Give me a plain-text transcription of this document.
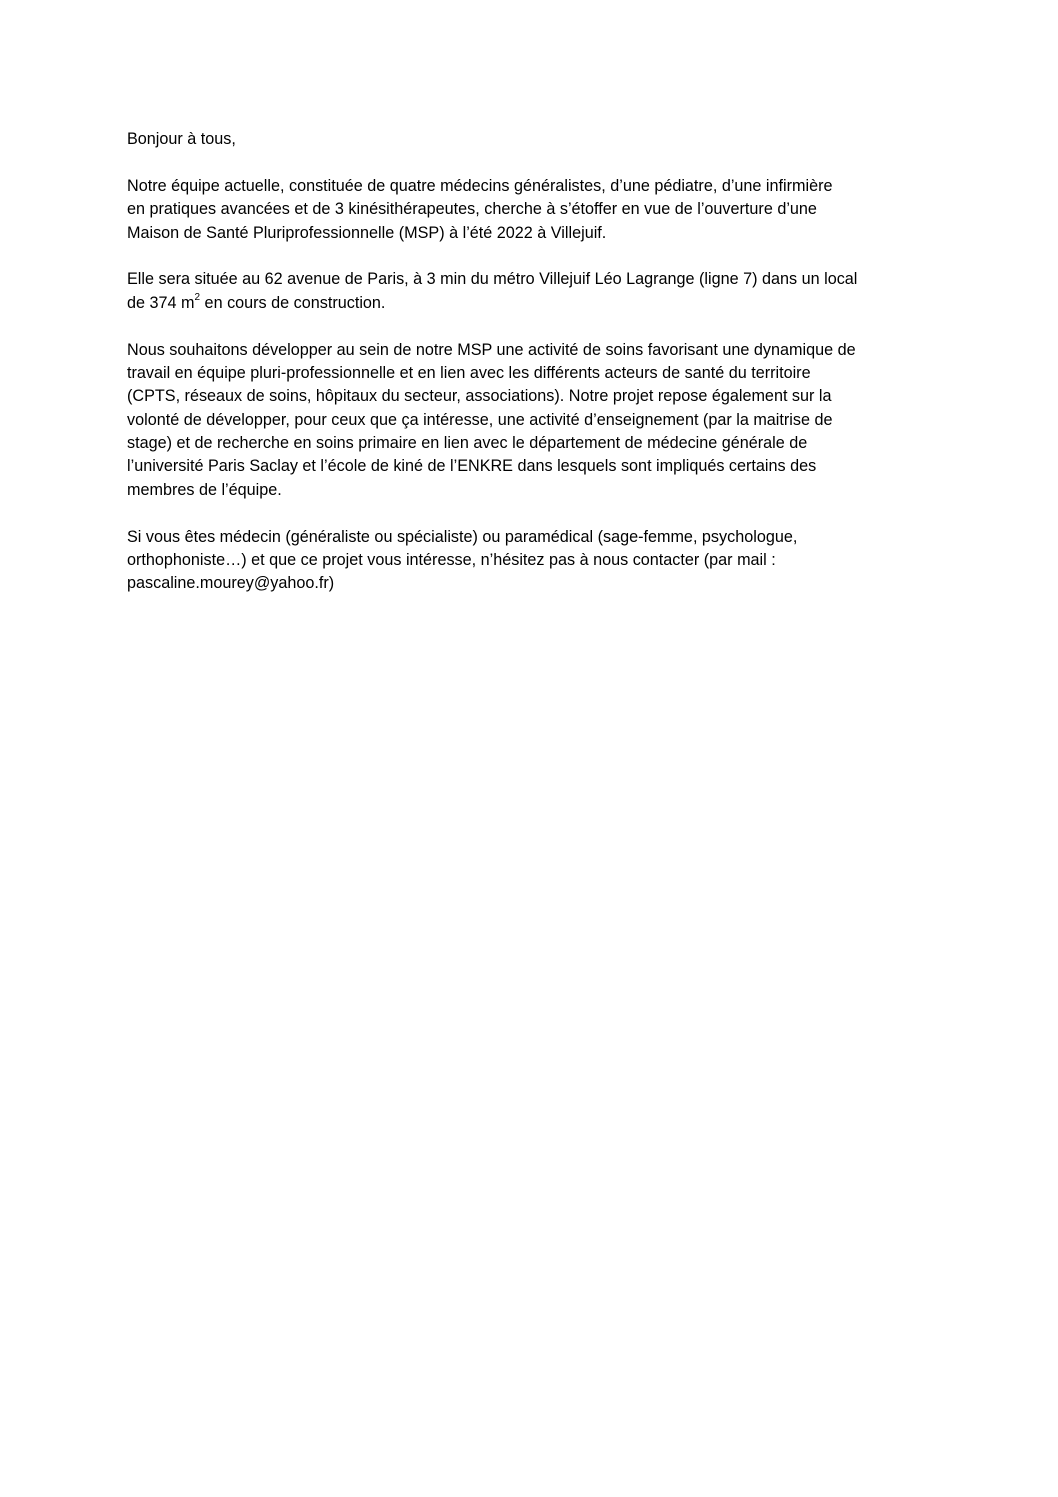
Bonjour à tous,
Notre équipe actuelle, constituée de quatre médecins généralistes, d’une pédiatre, d’une infirmière
en pratiques avancées et de 3 kinésithérapeutes, cherche à s’étoffer en vue de l’ouverture d’une
Maison de Santé Pluriprofessionnelle (MSP) à l’été 2022 à Villejuif.
Elle sera située au 62 avenue de Paris, à 3 min du métro Villejuif Léo Lagrange (ligne 7) dans un local
de 374 $m^2$ en cours de construction.
Nous souhaitons développer au sein de notre MSP une activité de soins favorisant une dynamique de
travail en équipe pluri-professionnelle et en lien avec les différents acteurs de santé du territoire
(CPTS, réseaux de soins, hôpitaux du secteur, associations). Notre projet repose également sur la
volonté de développer, pour ceux que ça intéresse, une activité d’enseignement (par la maitrise de
stage) et de recherche en soins primaire en lien avec le département de médecine générale de
l’université Paris Saclay et l’école de kiné de l’ENKRE dans lesquels sont impliqués certains des
membres de l’équipe.
Si vous êtes médecin (généraliste ou spécialiste) ou paramédical (sage-femme, psychologue,
orthophoniste…) et que ce projet vous intéresse, n’hésitez pas à nous contacter (par mail :
pascaline.mourey@yahoo.fr)
